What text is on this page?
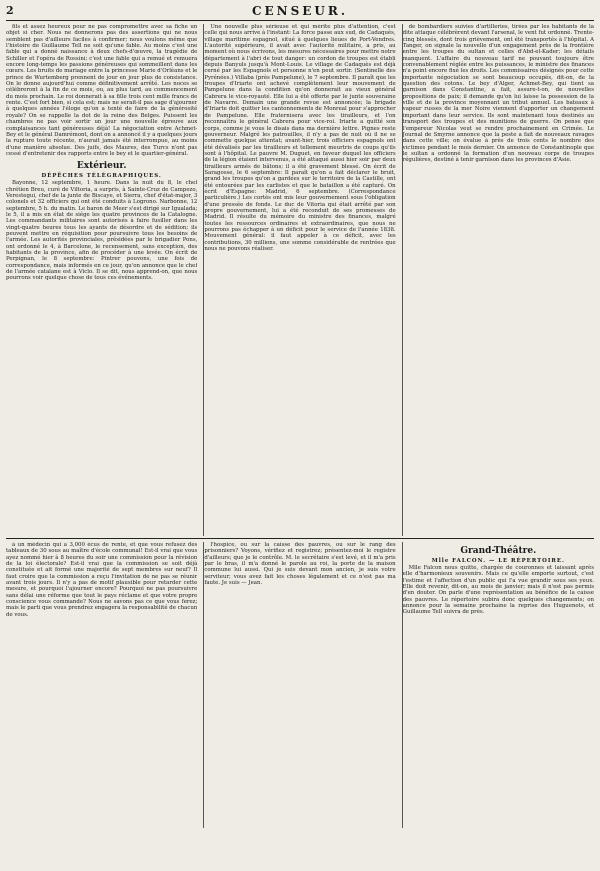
2	CENSEUR.

fils et assez heureux pour ne pas compromettre avec sa fiche un objet si cher. Nous ne donnerons pas des assertions qui ne nous semblent pas d'ailleurs faciles à confirmer; nous voulons même que l'histoire de Guillaume Tell ne soit qu'une fable. Au moins c'est une fable qui a donné naissance à deux chefs-d'œuvre, la tragédie de Schiller et l'opéra de Rossini; c'est une fable qui a remué et remuera encore long-temps les passions généreuses qui sommeillent dans les cœurs. Les bruits de mariage entre la princesse Marie d'Orléans et le prince de Wurtemberg prennent de jour en jour plus de consistance. On le donne aujourd'hui comme définitivement arrêté. Les noces se célébreront à la fin de ce mois, ou, au plus tard, au commencement du mois prochain. Le roi donnerait à sa fille trois cent mille francs de rente. C'est fort bien, si cela est; mais ne serait-il pas sage d'ajourner à quelques années l'éloge qu'on a tenté de faire de la générosité royale? On se rappelle la dot de la reine des Belges. Puissent les chambres ne pas voir sortir un jour une nouvelle épreuve aux complaisances tant généreuses déjà! La négociation entre Achmet-Bey et le général Damrémont, dont on a annoncé il y a quelques jours la rupture toute récente, n'aurait jamais été interrompue, au moins d'une manière absolue. Des juifs, des Maures, des Turcs n'ont pas cessé d'entretenir des rapports entre le bey et le quartier-général.

Extérieur.
DÉPÊCHES TÉLÉGRAPHIQUES.

Bayonne, 12 septembre, 1 heure. Dans la nuit du 8, le chef chrétien Breu, curé de Viltoria, a surpris, à Sainte-Cruz de Campezo, Verestegui, chef de la junte de Biscaye, et Sierra, chef d'état-major, 3 colonels et 32 officiers qui ont été conduits à Logrono. Narbonne, 12 septembre, 5 h. du matin. Le baron de Meer s'est dirigé sur Igualada; le 5, il a mis en état de siége les quatre provinces de la Catalogne. Les commandants militaires sont autorisés à faire fusiller dans les vingt-quatre heures tous les ayants de désordre et de sédition; ils peuvent mettre en réquisition pour poursuivre tous les besoins de l'armée. Les autorités provinciales, présidées par le brigadier Pons, ont ordonné le 4, à Barcelone, le recensement, sans exception, des habitants de la province, afin de procéder à une levée. On écrit de Perpignan, le 8 septembre: Pintrer pouvons, une fois de correspondance, mais informés en ce jour, qu'on annonce que le chef de l'armée catalane est à Viclo. Il se dit, nous apprend-on, que nous pourrons voir quelque chose de tous ces événements.

Une nouvelle plus sérieuse et qui mérite plus d'attention, c'est celle qui nous arrive à l'instant: La force passe aux sud, de Cadaquès, village maritime espagnol, situé à quelques lieues de Port-Vendres. L'autorité supérieure, il avait avec l'autorité militaire, a pris, au moment où nous écrivons, les mesures nécessaires pour mettre notre département à l'abri de tout danger: un cordon de troupes est établi depuis Banyuls jusqu'à Mont-Louis. Le village de Cadaquès est déjà cerné par les Espagnols et personne n'en peut sortir. (Sentinelle des Pyrénées.) Villaba (près Pampelune), le 7 septembre. Il paraît que les troupes d'Iriarte ont achevé complètement leur mouvement de Pampelune dans la condition qu'on donnerait au vieux général Cabrera le vice-royauté. Elle lui a été offerte par le junte souveraine de Navarre. Demain une grande revue est annoncée; la brigade d'Iriarte doit quitter les cantonnements de Monreal pour s'approcher de Pampelune. Elle fraternisera avec les tirailleurs, et l'on reconnaîtra le général Cabrera pour vice-roi. Iriarte a quitté son corps, comme je vous le disais dans ma dernière lettre. Pignes reste gouverneur. Malgré les patrouilles, il n'y a pas de nuit où il ne se commette quelque attentat; avant-hier, trois officiers espagnols ont été dévalisés par les tirailleurs et tellement meurtris de coups qu'ils sont à l'hôpital. Le pauvre M. Duguet, en faveur duquel les officiers de la légion étaient intervenus, a été attaqué aussi hier soir par deux tirailleurs armés de bâtons; il a été gravement blessé. On écrit de Saragosse, le 6 septembre: Il paraît qu'on a fait déclarer le bruit, grand les troupes qu'on a gardées sur le territoire de la Castille, ont été entourées par les carlistes et que le bataillon a été capturé. On écrit d'Espagne: Madrid, 6 septembre. (Correspondance particulière.) Les cortès ont mis leur gouvernement sous l'obligation d'une pressée de fonds. Le duc de Vitoria qui était arrêté par son propre gouvernement, lui a été reconduit de ses promesses de Madrid. Il résulte du mémoire du ministre des finances, malgré toutes les ressources ordinaires et extraordinaires, que nous ne pourrons pas échapper à un déficit pour le service de l'année 1838. Mouvement général: il faut appeler à ce déficit, avec les contributions, 30 millions, une somme considérable de rentrées que nous ne pouvons réaliser.

de bombardiers suivies d'artilleries, tirées par les habitants de la dite attaque célébrèrent devant l'arsenal, le vent fut ordonné. Trente-cinq blessés, dont trois grièvement, ont été transportés à l'hôpital. A Tanger, on signale la nouvelle d'un engagement près de la frontière entre les troupes du sultan et celles d'Abd-el-Kader; les détails manquent. L'affaire du nouveau tarif ne pouvant toujours être convenablement réglée entre les puissances, le ministre des finances n'a point encore fixé les droits. Les commissaires désignés pour cette importante négociation se sont beaucoup occupés, dit-on, de la question des cotons. Le bey d'Alger, Achmet-Bey, qui tient sa garnison dans Constantine, a fait, assure-t-on, de nouvelles propositions de paix; il demande qu'on lui laisse la possession de la ville et de la province moyennant un tribut annuel. Les bateaux à vapeur russes de la mer Noire viennent d'apporter un changement important dans leur service. Ils sont maintenant tous destinés au transport des troupes et des munitions de guerre. On pense que l'empereur Nicolas veut se rendre prochainement en Crimée. Le Journal de Smyrne annonce que la peste a fait de nouveaux ravages dans cette ville; on évalue à près de trois cents le nombre des victimes pendant le mois dernier. On annonce de Constantinople que le sultan a ordonné la formation d'un nouveau corps de troupes régulières, destiné à tenir garnison dans les provinces d'Asie.

à un médecin qui a 3,000 écus de rente, et que vous refusez des tableaux de 30 sous au maître d'école communal! Est-il vrai que vous ayez nommé hier à 8 heures du soir une commission pour la révision de la loi électorale? Est-il vrai que la commission se soit déjà constituée et ait formé une majorité de sept membres sur neuf? Il faut croire que la commission a reçu l'invitation de ne pas se réunir avant trois jours. Il n'y a pas de motif plausible pour retarder cette mesure, et pourquoi l'ajourner encore? Pourquoi ne pas poursuivre sans délai une réforme que tout le pays réclame et que votre propre conscience vous commande? Nous ne savons pas ce que vous ferez; mais le parti que vous prendrez engagera la responsabilité de chacun de vous.

l'hospice, ou sur la caisse des pauvres, ou sur le rang des prisonniers? Voyons, vérifiez et registrez; présentez-moi le registre d'ailleurs; que je le contrôle. M. le secrétaire s'est levé, et il m'a pris par le bras, il m'a donné le parole au roi, la porte de la maison commune lui aussi. Qui je suis devant mon ancien, je suis votre serviteur; vous avez fait les choses légalement et ce n'est pas ma faute. Je suis — Jean.

Grand-Théâtre.
Mlle FALCON. — LE RÉPERTOIRE.

Mlle Falcon nous quitte, chargée de couronnes et laissant après elle d'harmonieux souvenirs. Mais ce qu'elle emporte surtout, c'est l'estime et l'affection d'un public qui l'a vue grandir sous ses yeux. Elle doit revenir, dit-on, au mois de janvier; mais il n'est pas permis d'en douter. On parle d'une représentation au bénéfice de la caisse des pauvres. Le répertoire subira donc quelques changements; on annonce pour la semaine prochaine la reprise des Huguenots, et Guillaume Tell suivra de près.
